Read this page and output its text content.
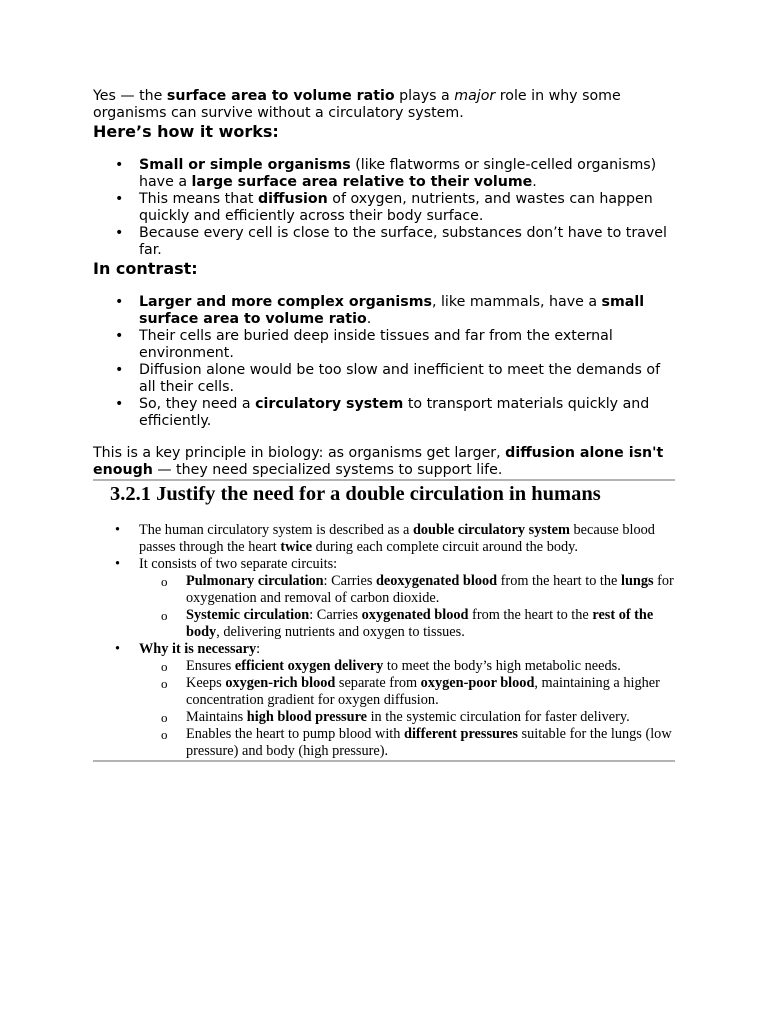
Yes — the surface area to volume ratio plays a major role in why some organisms can survive without a circulatory system.

Here’s how it works:
• Small or simple organisms (like flatworms or single-celled organisms) have a large surface area relative to their volume.
• This means that diffusion of oxygen, nutrients, and wastes can happen quickly and efficiently across their body surface.
• Because every cell is close to the surface, substances don’t have to travel far.
In contrast:
• Larger and more complex organisms, like mammals, have a small surface area to volume ratio.
• Their cells are buried deep inside tissues and far from the external environment.
• Diffusion alone would be too slow and inefficient to meet the demands of all their cells.
• So, they need a circulatory system to transport materials quickly and efficiently.

This is a key principle in biology: as organisms get larger, diffusion alone isn't enough — they need specialized systems to support life.

3.2.1 Justify the need for a double circulation in humans
• The human circulatory system is described as a double circulatory system because blood passes through the heart twice during each complete circuit around the body.
• It consists of two separate circuits:
o Pulmonary circulation: Carries deoxygenated blood from the heart to the lungs for oxygenation and removal of carbon dioxide.
o Systemic circulation: Carries oxygenated blood from the heart to the rest of the body, delivering nutrients and oxygen to tissues.
• Why it is necessary:
o Ensures efficient oxygen delivery to meet the body’s high metabolic needs.
o Keeps oxygen-rich blood separate from oxygen-poor blood, maintaining a higher concentration gradient for oxygen diffusion.
o Maintains high blood pressure in the systemic circulation for faster delivery.
o Enables the heart to pump blood with different pressures suitable for the lungs (low pressure) and body (high pressure).
